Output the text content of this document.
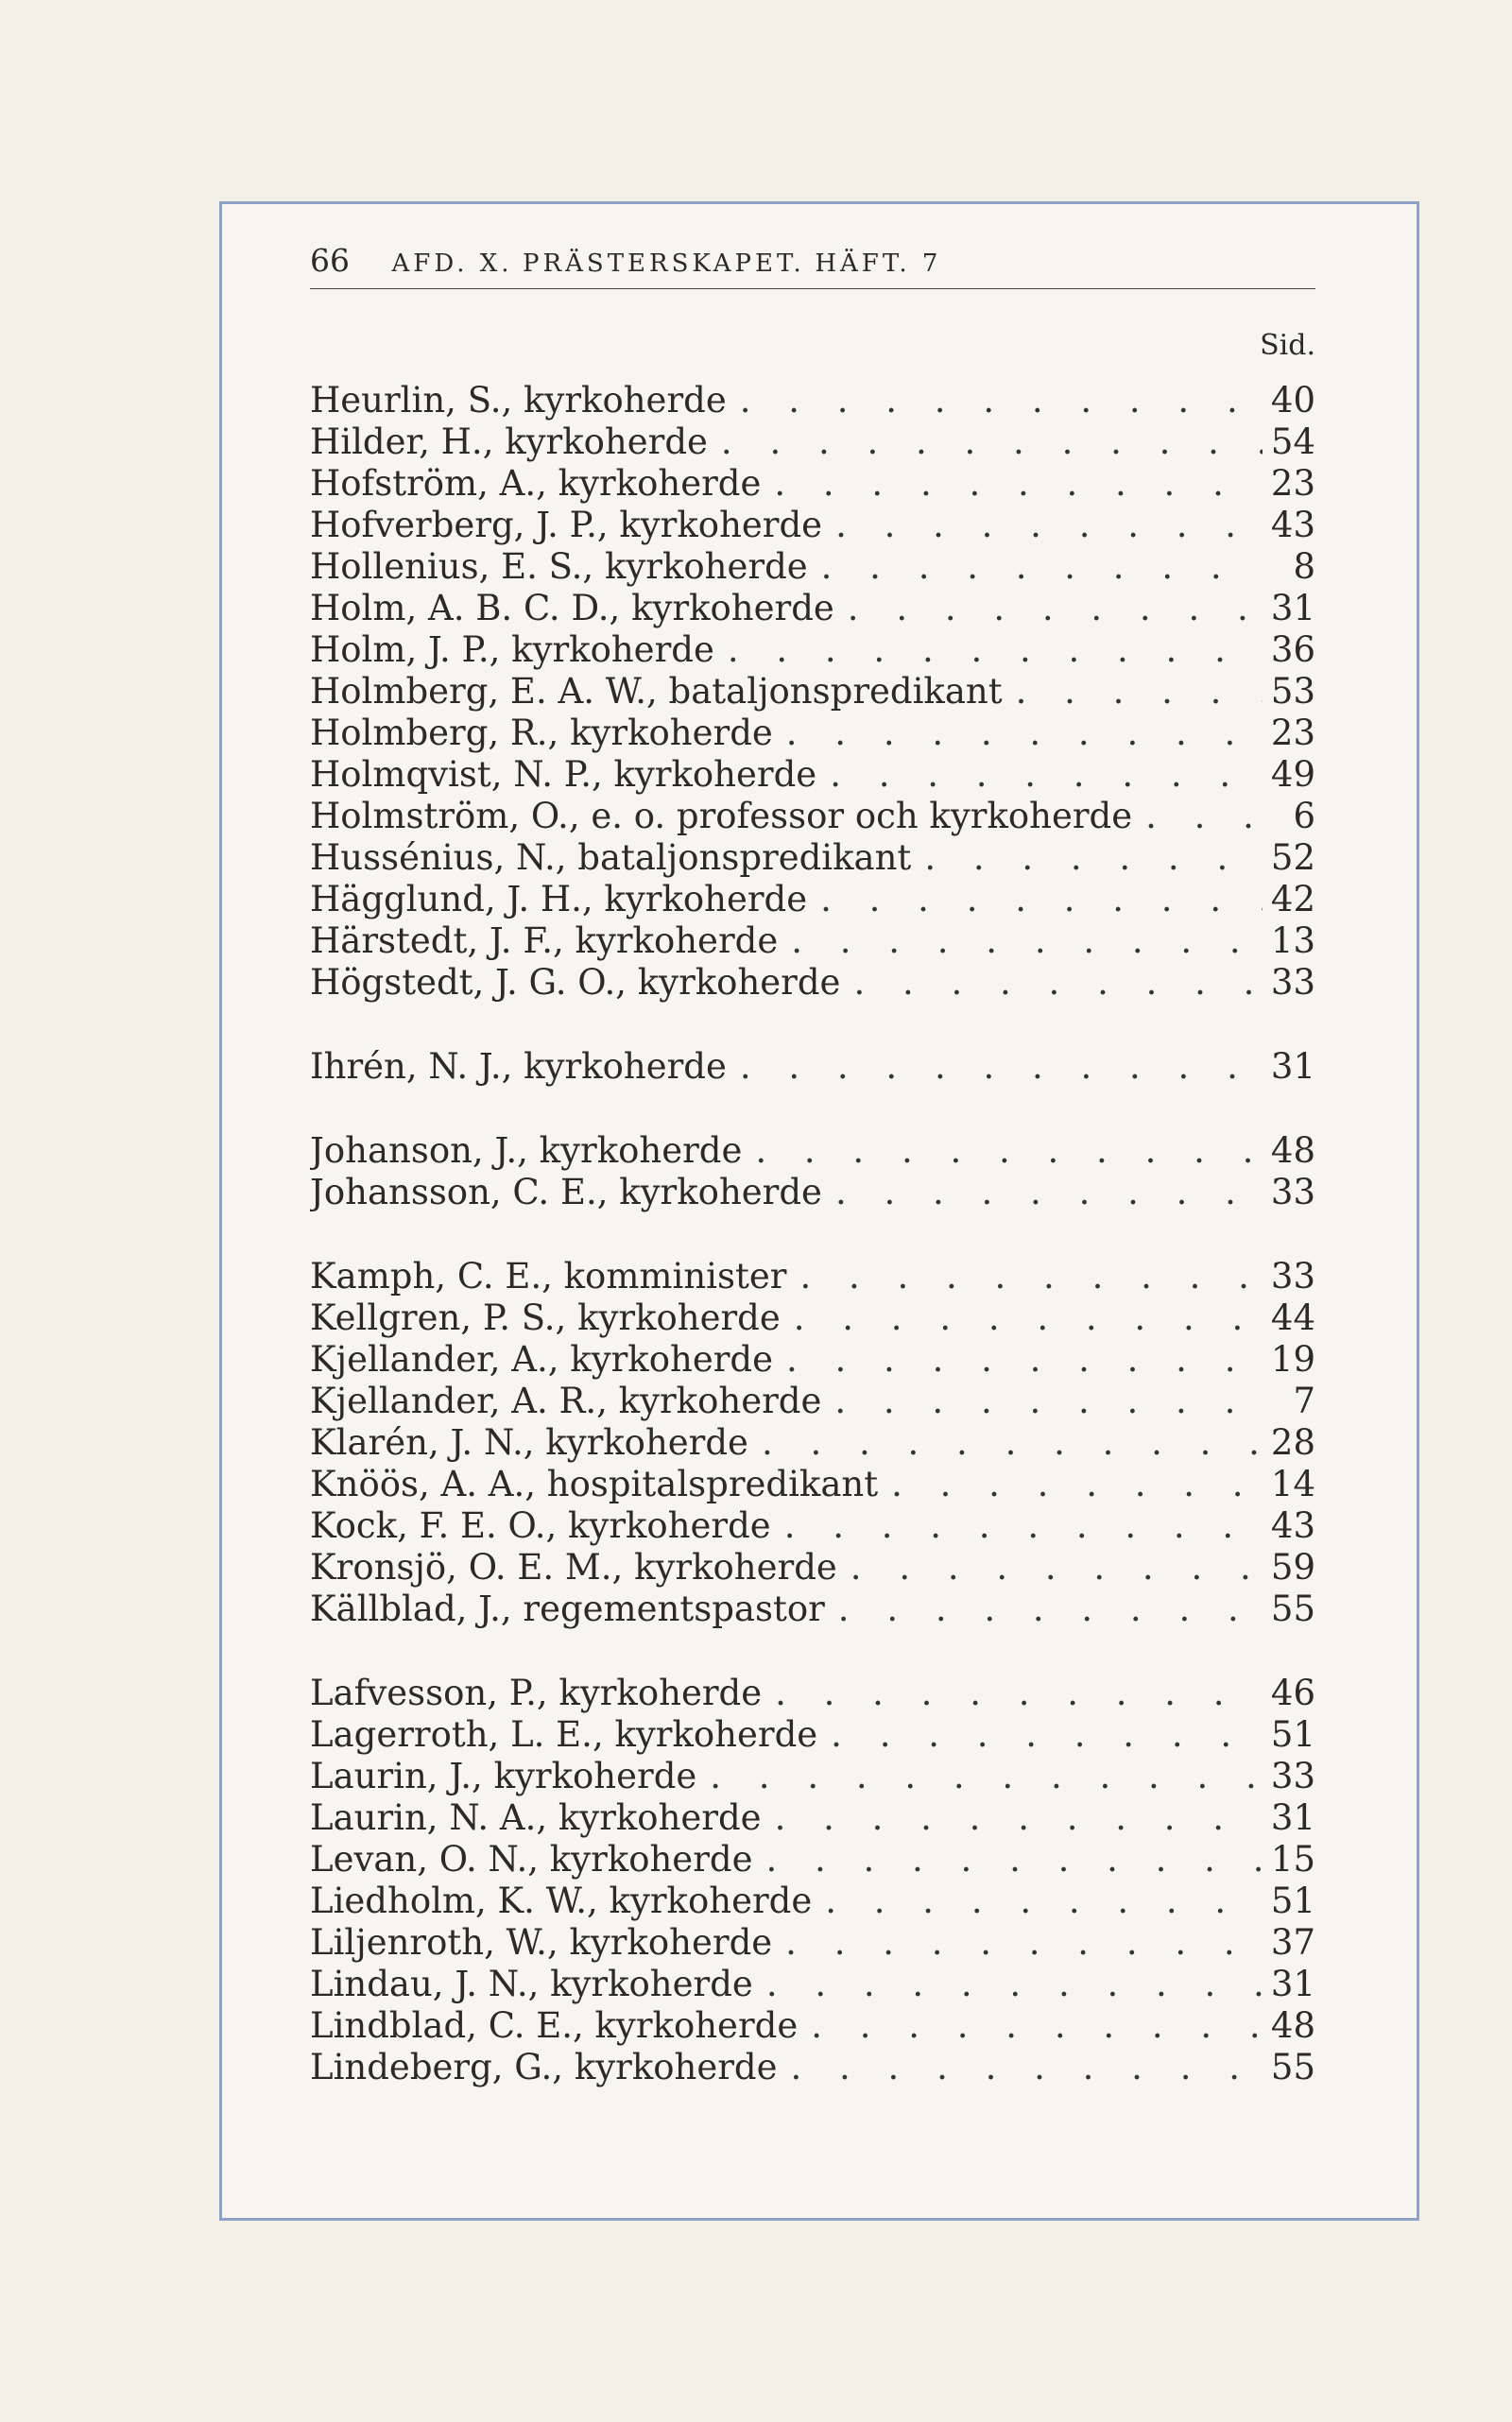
66 AFD. X. PRÄSTERSKAPET. HÄFT. 7
Sid.
Heurlin, S., kyrkoherde . . .	40
Hilder, H., kyrkoherde . . .	54
Hofström, A., kyrkoherde . . .	23
Hofverberg, J. P., kyrkoherde . . .	43
Hollenius, E. S., kyrkoherde . . .	8
Holm, A. B. C. D., kyrkoherde . . .	31
Holm, J. P., kyrkoherde . . .	36
Holmberg, E. A. W., bataljonspredikant . . .	53
Holmberg, R., kyrkoherde . . .	23
Holmqvist, N. P., kyrkoherde . . .	49
Holmström, O., e. o. professor och kyrkoherde . . .	6
Hussénius, N., bataljonspredikant . . .	52
Hägglund, J. H., kyrkoherde . . .	42
Härstedt, J. F., kyrkoherde . . .	13
Högstedt, J. G. O., kyrkoherde . . .	33
Ihrén, N. J., kyrkoherde . . .	31
Johanson, J., kyrkoherde . . .	48
Johansson, C. E., kyrkoherde . . .	33
Kamph, C. E., komminister . . .	33
Kellgren, P. S., kyrkoherde . . .	44
Kjellander, A., kyrkoherde . . .	19
Kjellander, A. R., kyrkoherde . . .	7
Klarén, J. N., kyrkoherde . . .	28
Knöös, A. A., hospitalspredikant . . .	14
Kock, F. E. O., kyrkoherde . . .	43
Kronsjö, O. E. M., kyrkoherde . . .	59
Källblad, J., regementspastor . . .	55
Lafvesson, P., kyrkoherde . . .	46
Lagerroth, L. E., kyrkoherde . . .	51
Laurin, J., kyrkoherde . . .	33
Laurin, N. A., kyrkoherde . . .	31
Levan, O. N., kyrkoherde . . .	15
Liedholm, K. W., kyrkoherde . . .	51
Liljenroth, W., kyrkoherde . . .	37
Lindau, J. N., kyrkoherde . . .	31
Lindblad, C. E., kyrkoherde . . .	48
Lindeberg, G., kyrkoherde . . .	55
